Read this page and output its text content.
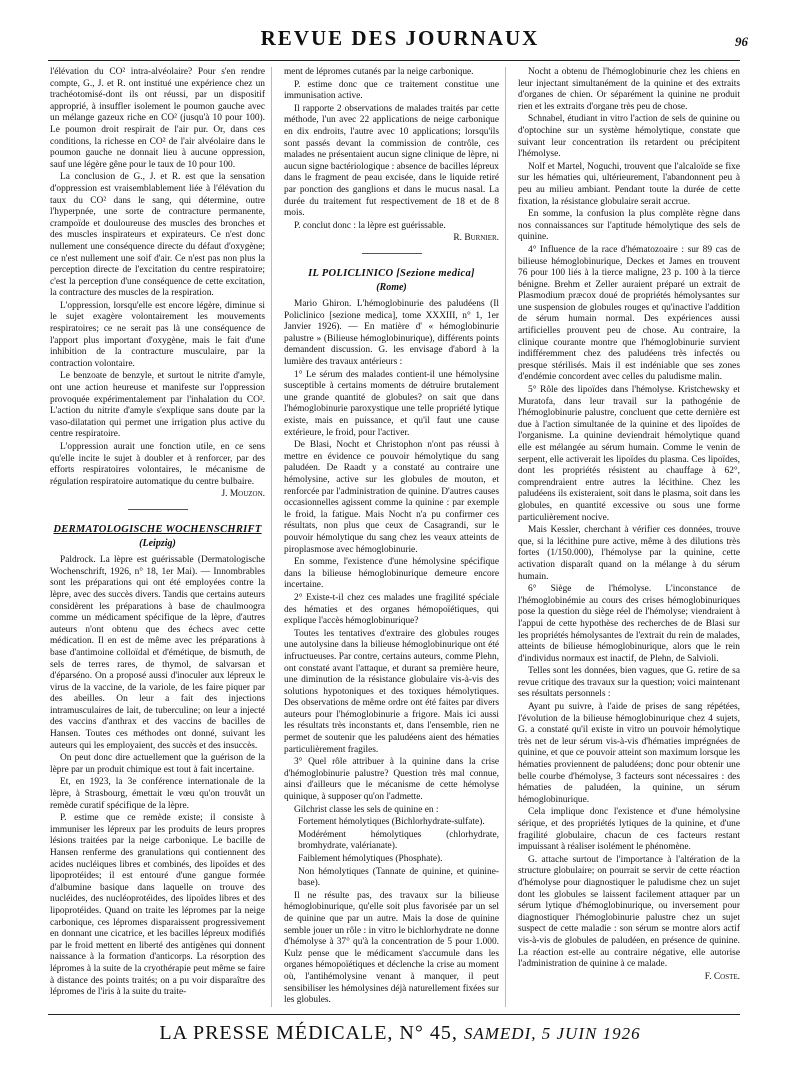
REVUE DES JOURNAUX	96

l'élévation du CO² intra-alvéolaire? Pour s'en rendre compte, G., J. et R. ont institué une expérience chez un trachéotomisé-dont ils ont réussi, par un dispositif approprié, à insuffler isolement le poumon gauche avec un mélange gazeux riche en CO² (jusqu'à 10 pour 100). Le poumon droit respirait de l'air pur. Or, dans ces conditions, la richesse en CO² de l'air alvéolaire dans le poumon gauche ne donnait lieu à aucune oppression, sauf une légère gêne pour le taux de 10 pour 100.

La conclusion de G., J. et R. est que la sensation d'oppression est vraisemblablement liée à l'élévation du taux du CO² dans le sang, qui détermine, outre l'hyperpnée, une sorte de contracture permanente, crampoïde et douloureuse des muscles des bronches et des muscles inspirateurs et expirateurs. Ce n'est donc nullement une conséquence directe du défaut d'oxygène; ce n'est nullement une soif d'air. Ce n'est pas non plus la perception directe de l'excitation du centre respiratoire; c'est la perception d'une conséquence de cette excitation, la contracture des muscles de la respiration.

L'oppression, lorsqu'elle est encore légère, diminue si le sujet exagère volontairement les mouvements respiratoires; ce ne serait pas là une conséquence de l'apport plus important d'oxygène, mais le fait d'une inhibition de la contracture musculaire, par la contraction volontaire.

Le benzoate de benzyle, et surtout le nitrite d'amyle, ont une action heureuse et manifeste sur l'oppression provoquée expérimentalement par l'inhalation du CO². L'action du nitrite d'amyle s'explique sans doute par la vaso-dilatation qui permet une irrigation plus active du centre respiratoire.

L'oppression aurait une fonction utile, en ce sens qu'elle incite le sujet à doubler et à renforcer, par des efforts respiratoires volontaires, le mécanisme de régulation respiratoire automatique du centre bulbaire.

J. Mouzon.

DERMATOLOGISCHE WOCHENSCHRIFT
(Leipzig)

Paldrock. La lèpre est guérissable (Dermatologische Wochenschrift, 1926, n° 18, 1er Mai). — Innombrables sont les préparations qui ont été employées contre la lèpre, avec des succès divers. Tandis que certains auteurs considèrent les préparations à base de chaulmoogra comme un médicament spécifique de la lèpre, d'autres auteurs n'ont obtenu que des échecs avec cette médication. Il en est de même avec les préparations à base d'antimoine colloïdal et d'émétique, de bismuth, de sels de terres rares, de thymol, de salvarsan et d'éparséno. On a proposé aussi d'inoculer aux lépreux le virus de la vaccine, de la variole, de les faire piquer par des abeilles. On leur a fait des injections intramusculaires de lait, de tuberculine; on leur a injecté des vaccins d'anthrax et des vaccins de bacilles de Hansen. Toutes ces méthodes ont donné, suivant les auteurs qui les employaient, des succès et des insuccès.

On peut donc dire actuellement que la guérison de la lèpre par un produit chimique est tout à fait incertaine.

Et, en 1923, la 3e conférence internationale de la lèpre, à Strasbourg, émettait le vœu qu'on trouvât un remède curatif spécifique de la lèpre.

P. estime que ce remède existe; il consiste à immuniser les lépreux par les produits de leurs propres lésions traitées par la neige carbonique. Le bacille de Hansen renferme des granulations qui contiennent des acides nucléiques libres et combinés, des lipoïdes et des lipoprotéides; il est entouré d'une gangue formée d'albumine basique dans laquelle on trouve des nucléides, des nucléoprotéides, des lipoïdes libres et des lipoprotéides. Quand on traite les lépromes par la neige carbonique, ces lépromes disparaissent progressivement en donnant une cicatrice, et les bacilles lépreux modifiés par le froid mettent en liberté des antigènes qui donnent naissance à la formation d'anticorps. La résorption des lépromes à la suite de la cryothérapie peut même se faire à distance des points traités; on a pu voir disparaître des lépromes de l'iris à la suite du traite-

ment de lépromes cutanés par la neige carbonique.

P. estime donc que ce traitement constitue une immunisation active.

Il rapporte 2 observations de malades traités par cette méthode, l'un avec 22 applications de neige carbonique en dix endroits, l'autre avec 10 applications; lorsqu'ils sont passés devant la commission de contrôle, ces malades ne présentaient aucun signe clinique de lèpre, ni aucun signe bactériologique : absence de bacilles lépreux dans le fragment de peau excisée, dans le liquide retiré par ponction des ganglions et dans le mucus nasal. La durée du traitement fut respectivement de 18 et de 8 mois.

P. conclut donc : la lèpre est guérissable.

R. Burnier.

IL POLICLINICO [Sezione medica]
(Rome)

Mario Ghiron. L'hémoglobinurie des paludéens (Il Policlinico [sezione medica], tome XXXIII, n° 1, 1er Janvier 1926). — En matière d' « hémoglobinurie palustre » (Bilieuse hémoglobinurique), différents points demandent discussion. G. les envisage d'abord à la lumière des travaux antérieurs :

1° Le sérum des malades contient-il une hémolysine susceptible à certains moments de détruire brutalement une grande quantité de globules? on sait que dans l'hémoglobinurie paroxystique une telle propriété lytique existe, mais en puissance, et qu'il faut une cause extérieure, le froid, pour l'activer.

De Blasi, Nocht et Christophon n'ont pas réussi à mettre en évidence ce pouvoir hémolytique du sang paludéen. De Raadt y a constaté au contraire une hémolysine, active sur les globules de mouton, et renforcée par l'administration de quinine. D'autres causes occasionnelles agissent comme la quinine : par exemple le froid, la fatigue. Mais Nocht n'a pu confirmer ces résultats, non plus que ceux de Casagrandi, sur le pouvoir hémolytique du sang chez les veaux atteints de piroplasmose avec hémoglobinurie.

En somme, l'existence d'une hémolysine spécifique dans la bilieuse hémoglobinurique demeure encore incertaine.

2° Existe-t-il chez ces malades une fragilité spéciale des hématies et des organes hémopoïétiques, qui explique l'accès hémoglobinurique?

Toutes les tentatives d'extraire des globules rouges une autolysine dans la bilieuse hémoglobinurique ont été infructueuses. Par contre, certains auteurs, comme Plehn, ont constaté avant l'attaque, et durant sa première heure, une diminution de la résistance globulaire vis-à-vis des solutions hypotoniques et des toxiques hémolytiques. Des observations de même ordre ont été faites par divers auteurs pour l'hémoglobinurie a frigore. Mais ici aussi les résultats très inconstants et, dans l'ensemble, rien ne permet de soutenir que les paludéens aient des hématies particulièrement fragiles.

3° Quel rôle attribuer à la quinine dans la crise d'hémoglobinurie palustre? Question très mal connue, ainsi d'ailleurs que le mécanisme de cette hémolyse quinique, à supposer qu'on l'admette.

Gilchrist classe les sels de quinine en :

Fortement hémolytiques (Bichlorhydrate-sulfate).

Modérément hémolytiques (chlorhydrate, bromhydrate, valérianate).

Faiblement hémolytiques (Phosphate).

Non hémolytiques (Tannate de quinine, et quinine-base).

Il ne résulte pas, des travaux sur la bilieuse hémoglobinurique, qu'elle soit plus favorisée par un sel de quinine que par un autre. Mais la dose de quinine semble jouer un rôle : in vitro le bichlorhydrate ne donne d'hémolyse à 37° qu'à la concentration de 5 pour 1.000. Kulz pense que le médicament s'accumule dans les organes hémopoïétiques et déclenche la crise au moment où, l'antihémolysine venant à manquer, il peut sensibiliser les hémolysines déjà naturellement fixées sur les globules.

Nocht a obtenu de l'hémoglobinurie chez les chiens en leur injectant simultanément de la quinine et des extraits d'organes de chien. Or séparément la quinine ne produit rien et les extraits d'organe très peu de chose.

Schnabel, étudiant in vitro l'action de sels de quinine ou d'optochine sur un système hémolytique, constate que suivant leur concentration ils retardent ou précipitent l'hémolyse.

Nolf et Martel, Noguchi, trouvent que l'alcaloïde se fixe sur les hématies qui, ultérieurement, l'abandonnent peu à peu au milieu ambiant. Pendant toute la durée de cette fixation, la résistance globulaire serait accrue.

En somme, la confusion la plus complète règne dans nos connaissances sur l'aptitude hémolytique des sels de quinine.

4° Influence de la race d'hématozoaire : sur 89 cas de bilieuse hémoglobinurique, Deckes et James en trouvent 76 pour 100 liés à la tierce maligne, 23 p. 100 à la tierce bénigne. Brehm et Zeller auraient préparé un extrait de Plasmodium præcox doué de propriétés hémolysantes sur une suspension de globules rouges et qu'inactive l'addition de sérum humain normal. Des expériences aussi artificielles prouvent peu de chose. Au contraire, la clinique courante montre que l'hémoglobinurie survient indifféremment chez des paludéens très infectés ou presque stérilisés. Mais il est indéniable que ses zones d'endémie concordent avec celles du paludisme malin.

5° Rôle des lipoïdes dans l'hémolyse. Kristchewsky et Muratofa, dans leur travail sur la pathogénie de l'hémoglobinurie palustre, concluent que cette dernière est due à l'action simultanée de la quinine et des lipoïdes de l'organisme. La quinine deviendrait hémolytique quand elle est mélangée au sérum humain. Comme le venin de serpent, elle activerait les lipoïdes du plasma. Ces lipoïdes, dont les propriétés résistent au chauffage à 62°, comprendraient entre autres la lécithine. Chez les paludéens ils existeraient, soit dans le plasma, soit dans les globules, en quantité excessive ou sous une forme particulièrement nocive.

Mais Kessler, cherchant à vérifier ces données, trouve que, si la lécithine pure active, même à des dilutions très fortes (1/150.000), l'hémolyse par la quinine, cette activation disparaît quand on la mélange à du sérum humain.

6° Siège de l'hémolyse. L'inconstance de l'hémoglobinémie au cours des crises hémoglobinuriques pose la question du siège réel de l'hémolyse; viendraient à l'appui de cette hypothèse des recherches de de Blasi sur les propriétés hémolysantes de l'extrait du rein de malades, atteints de bilieuse hémoglobinurique, alors que le rein d'individus normaux est inactif, de Plehn, de Salvioli.

Telles sont les données, bien vagues, que G. retire de sa revue critique des travaux sur la question; voici maintenant ses résultats personnels :

Ayant pu suivre, à l'aide de prises de sang répétées, l'évolution de la bilieuse hémoglobinurique chez 4 sujets, G. a constaté qu'il existe in vitro un pouvoir hémolytique très net de leur sérum vis-à-vis d'hématies imprégnées de quinine, et que ce pouvoir atteint son maximum lorsque les hématies proviennent de paludéens; donc pour obtenir une belle courbe d'hémolyse, 3 facteurs sont nécessaires : des hématies de paludéen, la quinine, un sérum hémoglobinurique.

Cela implique donc l'existence et d'une hémolysine sérique, et des propriétés lytiques de la quinine, et d'une fragilité globulaire, chacun de ces facteurs restant impuissant à réaliser isolément le phénomène.

G. attache surtout de l'importance à l'altération de la structure globulaire; on pourrait se servir de cette réaction d'hémolyse pour diagnostiquer le paludisme chez un sujet dont les globules se laissent facilement attaquer par un sérum lytique d'hémoglobinurique, ou inversement pour diagnostiquer l'hémoglobinurie palustre chez un sujet suspect de cette maladie : son sérum se montre alors actif vis-à-vis de globules de paludéen, en présence de quinine. La réaction est-elle au contraire négative, elle autorise l'administration de quinine à ce malade.

F. Coste.

LA PRESSE MÉDICALE, N° 45, SAMEDI, 5 JUIN 1926
